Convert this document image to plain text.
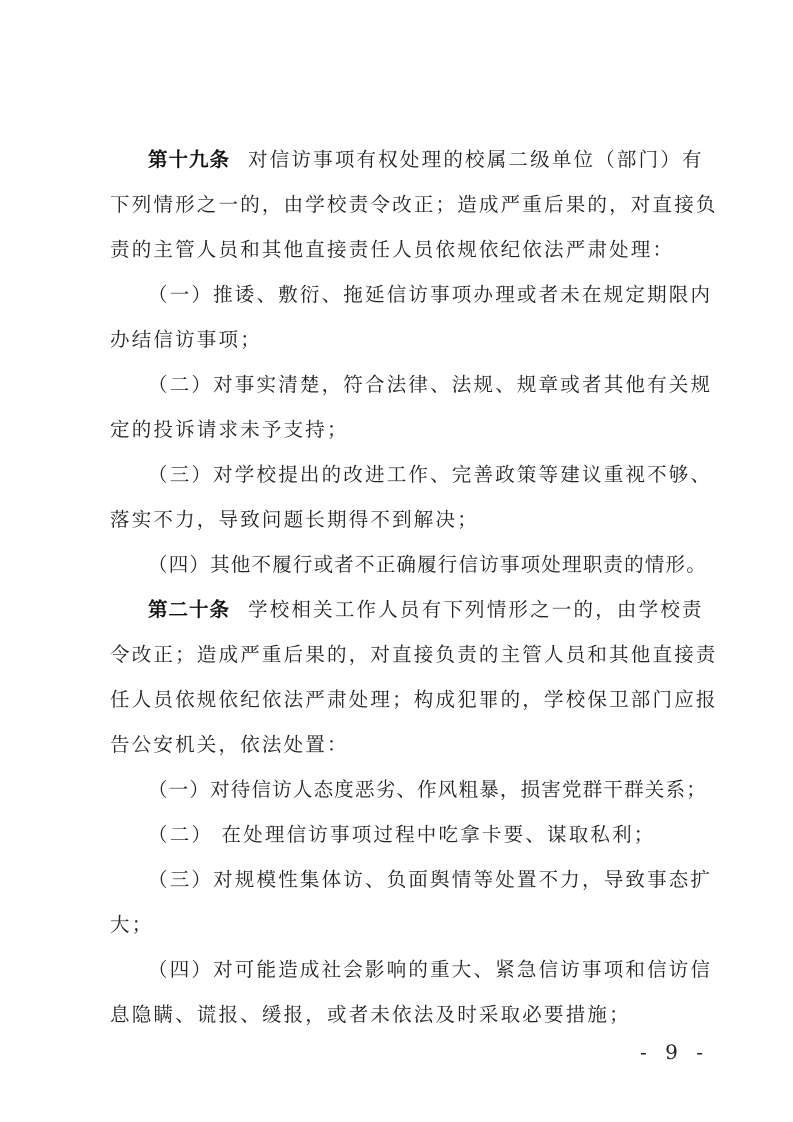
第十九条 对信访事项有权处理的校属二级单位（部门）有
下列情形之一的，由学校责令改正；造成严重后果的，对直接负
责的主管人员和其他直接责任人员依规依纪依法严肃处理：
（一）推诿、敷衍、拖延信访事项办理或者未在规定期限内
办结信访事项；
（二）对事实清楚，符合法律、法规、规章或者其他有关规
定的投诉请求未予支持；
（三）对学校提出的改进工作、完善政策等建议重视不够、
落实不力，导致问题长期得不到解决；
（四）其他不履行或者不正确履行信访事项处理职责的情形。
第二十条 学校相关工作人员有下列情形之一的，由学校责
令改正；造成严重后果的，对直接负责的主管人员和其他直接责
任人员依规依纪依法严肃处理；构成犯罪的，学校保卫部门应报
告公安机关，依法处置：
（一）对待信访人态度恶劣、作风粗暴，损害党群干群关系；
（二） 在处理信访事项过程中吃拿卡要、谋取私利；
（三）对规模性集体访、负面舆情等处置不力，导致事态扩
大；
（四）对可能造成社会影响的重大、紧急信访事项和信访信
息隐瞒、谎报、缓报，或者未依法及时采取必要措施；
- 9 -
